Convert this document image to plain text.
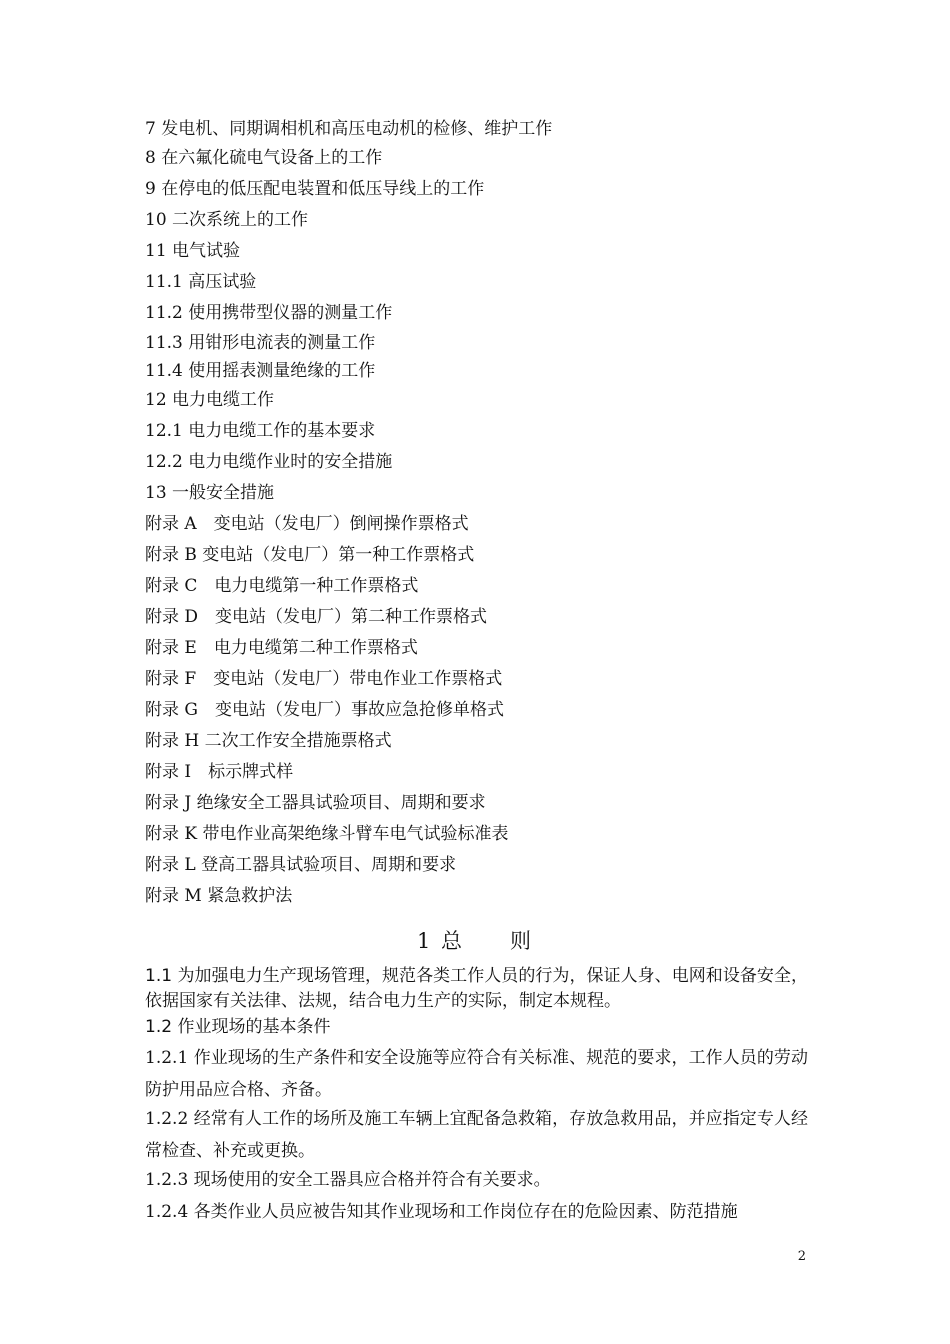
7 发电机、同期调相机和高压电动机的检修、维护工作
8 在六氟化硫电气设备上的工作
9 在停电的低压配电装置和低压导线上的工作
10 二次系统上的工作
11 电气试验
11.1 高压试验
11.2 使用携带型仪器的测量工作
11.3 用钳形电流表的测量工作
11.4 使用摇表测量绝缘的工作
12 电力电缆工作
12.1 电力电缆工作的基本要求
12.2 电力电缆作业时的安全措施
13 一般安全措施
附录 A　变电站（发电厂）倒闸操作票格式
附录 B 变电站（发电厂）第一种工作票格式
附录 C　电力电缆第一种工作票格式
附录 D　变电站（发电厂）第二种工作票格式
附录 E　电力电缆第二种工作票格式
附录 F　变电站（发电厂）带电作业工作票格式
附录 G　变电站（发电厂）事故应急抢修单格式
附录 H 二次工作安全措施票格式
附录 I　标示牌式样
附录 J 绝缘安全工器具试验项目、周期和要求
附录 K 带电作业高架绝缘斗臂车电气试验标准表
附录 L 登高工器具试验项目、周期和要求
附录 M 紧急救护法
1 总　　则
1.1 为加强电力生产现场管理，规范各类工作人员的行为，保证人身、电网和设备安全，依据国家有关法律、法规，结合电力生产的实际，制定本规程。
1.2 作业现场的基本条件
1.2.1 作业现场的生产条件和安全设施等应符合有关标准、规范的要求，工作人员的劳动防护用品应合格、齐备。
1.2.2 经常有人工作的场所及施工车辆上宜配备急救箱，存放急救用品，并应指定专人经常检查、补充或更换。
1.2.3 现场使用的安全工器具应合格并符合有关要求。
1.2.4 各类作业人员应被告知其作业现场和工作岗位存在的危险因素、防范措施
2
